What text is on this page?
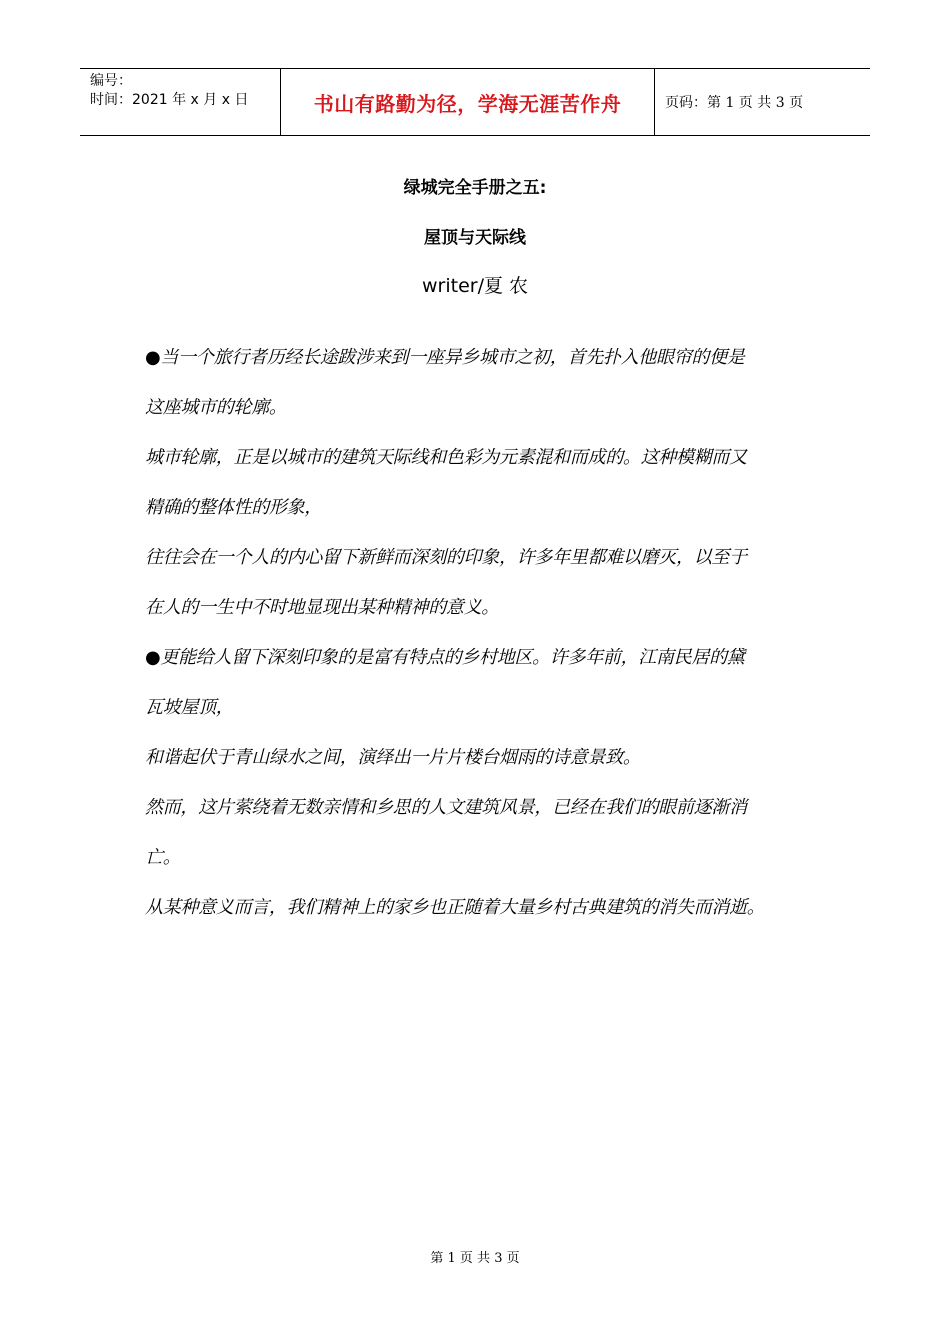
编号：
时间：2021 年 x 月 x 日	书山有路勤为径，学海无涯苦作舟	页码：第 1 页 共 3 页
绿城完全手册之五:
屋顶与天际线
writer/夏 农
●当一个旅行者历经长途跋涉来到一座异乡城市之初，首先扑入他眼帘的便是
这座城市的轮廓。
城市轮廓，正是以城市的建筑天际线和色彩为元素混和而成的。这种模糊而又
精确的整体性的形象，
往往会在一个人的内心留下新鲜而深刻的印象，许多年里都难以磨灭，以至于
在人的一生中不时地显现出某种精神的意义。
●更能给人留下深刻印象的是富有特点的乡村地区。许多年前，江南民居的黛
瓦坡屋顶，
和谐起伏于青山绿水之间，演绎出一片片楼台烟雨的诗意景致。
然而，这片萦绕着无数亲情和乡思的人文建筑风景，已经在我们的眼前逐渐消
亡。
从某种意义而言，我们精神上的家乡也正随着大量乡村古典建筑的消失而消逝。
第 1 页 共 3 页
